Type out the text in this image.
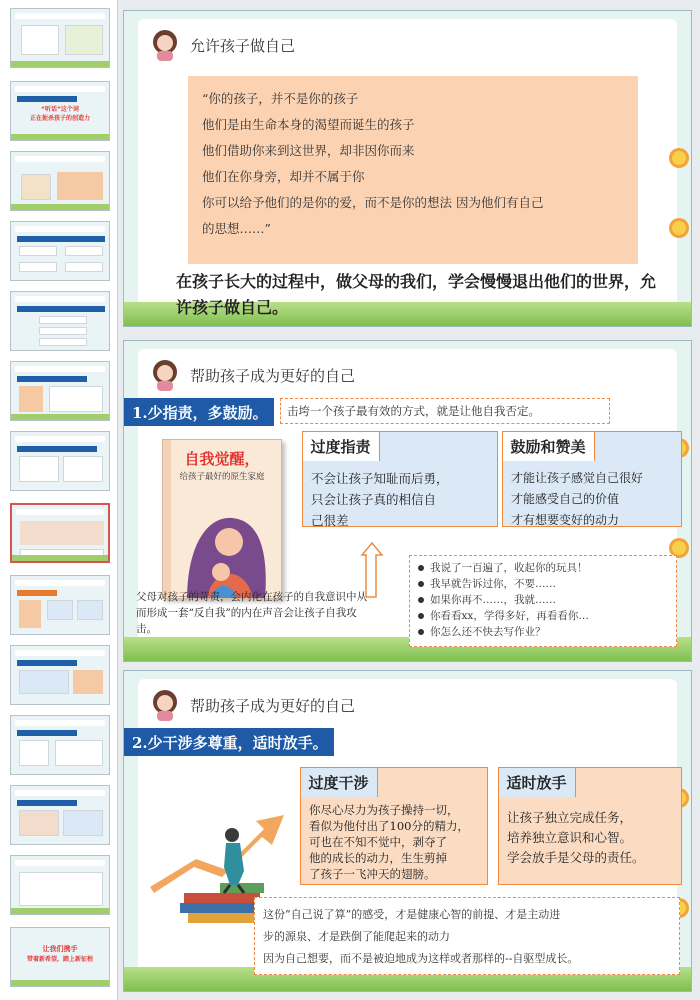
“听话”这个词
正在扼杀孩子的创造力
让我们携手
带着新希望，踏上新征程
允许孩子做自己
“你的孩子，并不是你的孩子
他们是由生命本身的渴望而诞生的孩子
他们借助你来到这世界，却非因你而来
他们在你身旁，却并不属于你
你可以给予他们的是你的爱，而不是你的想法 因为他们有自己
的思想……”
在孩子长大的过程中，做父母的我们，学会慢慢退出他们的世界，允许孩子做自己。
帮助孩子成为更好的自己
1.少指责，多鼓励。	击垮一个孩子最有效的方式，就是让他自我否定。
自我觉醒，
给孩子最好的原生家庭
过度指责
不会让孩子知耻而后勇，
只会让孩子真的相信自
己很差
鼓励和赞美
才能让孩子感觉自己很好
才能感受自己的价值
才有想要变好的动力
我说了一百遍了，收起你的玩具！
我早就告诉过你，不要……
如果你再不……，我就……
你看看xx，学得多好，再看看你…
你怎么还不快去写作业？
父母对孩子的苛责，会内化在孩子的自我意识中从而形成一套“反自我”的内在声音会让孩子自我攻击。
帮助孩子成为更好的自己
2.少干涉多尊重，适时放手。
过度干涉
你尽心尽力为孩子操持一切，
看似为他付出了100分的精力，
可也在不知不觉中，剥夺了
他的成长的动力，生生剪掉
了孩子一飞冲天的翅膀。
适时放手
让孩子独立完成任务，
培养独立意识和心智。
学会放手是父母的责任。
这份“自己说了算”的感受，才是健康心智的前提、才是主动进
步的源泉、才是跌倒了能爬起来的动力
因为自己想要，而不是被迫地成为这样或者那样的--自驱型成长。
